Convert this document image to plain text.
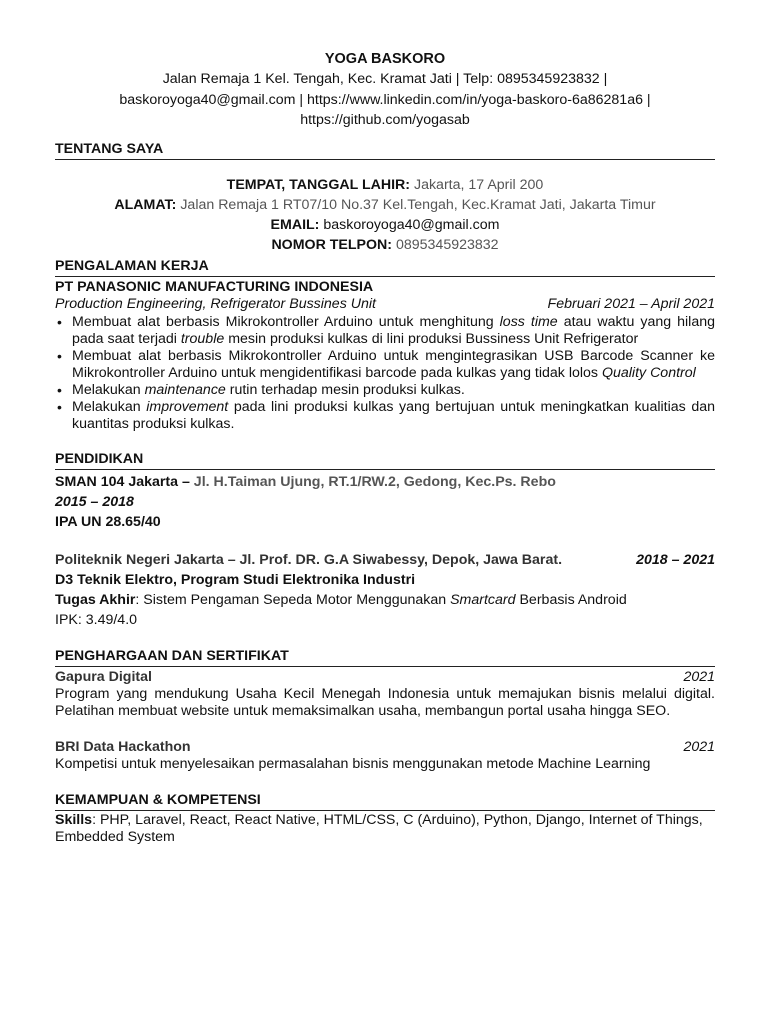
YOGA BASKORO
Jalan Remaja 1 Kel. Tengah, Kec. Kramat Jati | Telp: 0895345923832 |
baskoroyoga40@gmail.com | https://www.linkedin.com/in/yoga-baskoro-6a86281a6 |
https://github.com/yogasab
TENTANG SAYA
TEMPAT, TANGGAL LAHIR: Jakarta, 17 April 200
ALAMAT: Jalan Remaja 1 RT07/10 No.37 Kel.Tengah, Kec.Kramat Jati, Jakarta Timur
EMAIL: baskoroyoga40@gmail.com
NOMOR TELPON: 0895345923832
PENGALAMAN KERJA
PT PANASONIC MANUFACTURING INDONESIA
Production Engineering, Refrigerator Bussines Unit	Februari 2021 – April 2021
• Membuat alat berbasis Mikrokontroller Arduino untuk menghitung loss time atau waktu yang hilang pada saat terjadi trouble mesin produksi kulkas di lini produksi Bussiness Unit Refrigerator
• Membuat alat berbasis Mikrokontroller Arduino untuk mengintegrasikan USB Barcode Scanner ke Mikrokontroller Arduino untuk mengidentifikasi barcode pada kulkas yang tidak lolos Quality Control
• Melakukan maintenance rutin terhadap mesin produksi kulkas.
• Melakukan improvement pada lini produksi kulkas yang bertujuan untuk meningkatkan kualitias dan kuantitas produksi kulkas.
PENDIDIKAN
SMAN 104 Jakarta – Jl. H.Taiman Ujung, RT.1/RW.2, Gedong, Kec.Ps. Rebo
2015 – 2018
IPA UN 28.65/40
Politeknik Negeri Jakarta – Jl. Prof. DR. G.A Siwabessy, Depok, Jawa Barat.	2018 – 2021
D3 Teknik Elektro, Program Studi Elektronika Industri
Tugas Akhir: Sistem Pengaman Sepeda Motor Menggunakan Smartcard Berbasis Android
IPK: 3.49/4.0
PENGHARGAAN DAN SERTIFIKAT
Gapura Digital	2021
Program yang mendukung Usaha Kecil Menegah Indonesia untuk memajukan bisnis melalui digital. Pelatihan membuat website untuk memaksimalkan usaha, membangun portal usaha hingga SEO.
BRI Data Hackathon	2021
Kompetisi untuk menyelesaikan permasalahan bisnis menggunakan metode Machine Learning
KEMAMPUAN & KOMPETENSI
Skills: PHP, Laravel, React, React Native, HTML/CSS, C (Arduino), Python, Django, Internet of Things, Embedded System
